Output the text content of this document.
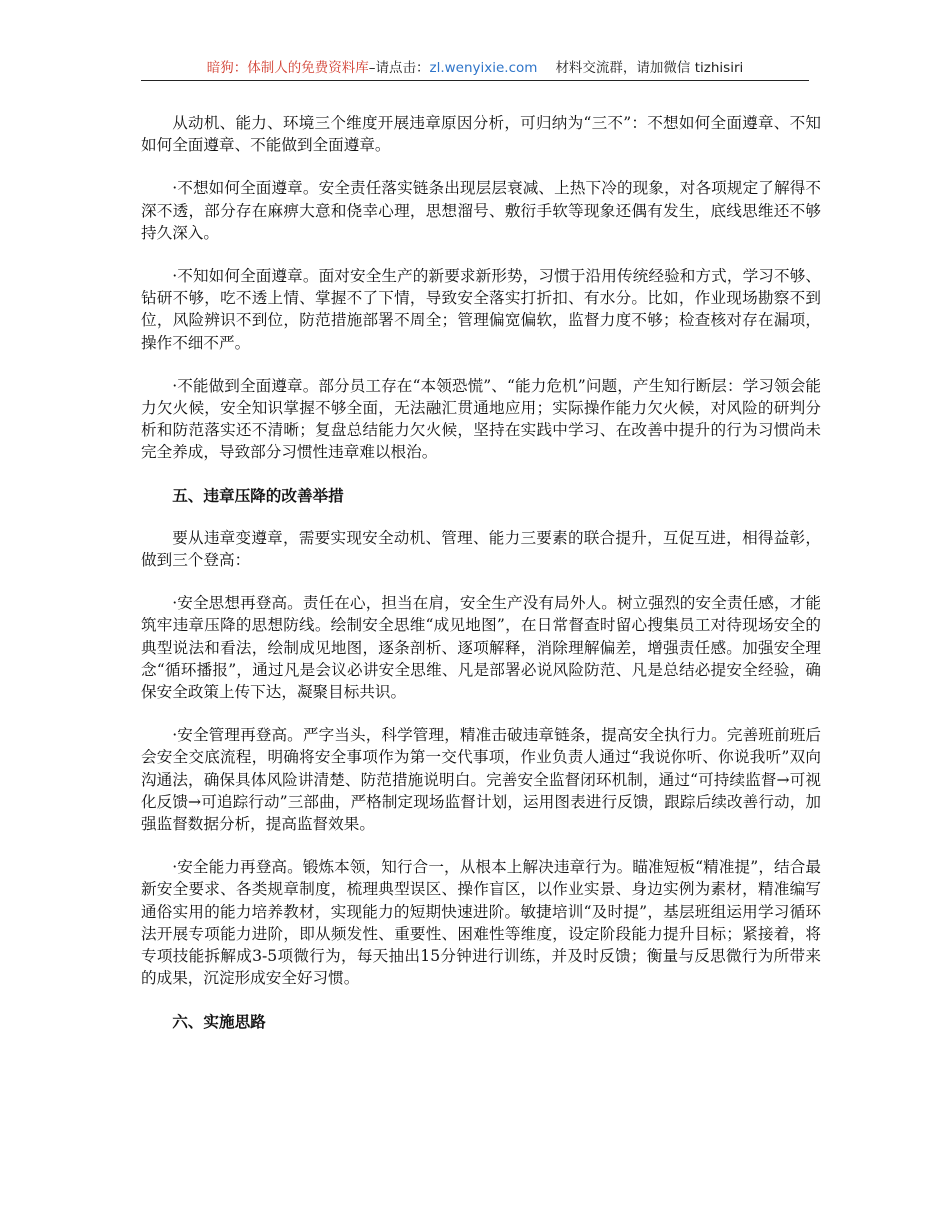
暗狗：体制人的免费资料库–请点击：zl.wenyixie.com 材料交流群，请加微信 tizhisiri

从动机、能力、环境三个维度开展违章原因分析，可归纳为“三不”：不想如何全面遵章、不知如何全面遵章、不能做到全面遵章。

·不想如何全面遵章。安全责任落实链条出现层层衰减、上热下冷的现象，对各项规定了解得不深不透，部分存在麻痹大意和侥幸心理，思想溜号、敷衍手软等现象还偶有发生，底线思维还不够持久深入。

·不知如何全面遵章。面对安全生产的新要求新形势，习惯于沿用传统经验和方式，学习不够、钻研不够，吃不透上情、掌握不了下情，导致安全落实打折扣、有水分。比如，作业现场勘察不到位，风险辨识不到位，防范措施部署不周全；管理偏宽偏软，监督力度不够；检查核对存在漏项，操作不细不严。

·不能做到全面遵章。部分员工存在“本领恐慌”、“能力危机”问题，产生知行断层：学习领会能力欠火候，安全知识掌握不够全面，无法融汇贯通地应用；实际操作能力欠火候，对风险的研判分析和防范落实还不清晰；复盘总结能力欠火候，坚持在实践中学习、在改善中提升的行为习惯尚未完全养成，导致部分习惯性违章难以根治。

五、违章压降的改善举措

要从违章变遵章，需要实现安全动机、管理、能力三要素的联合提升，互促互进，相得益彰，做到三个登高：

·安全思想再登高。责任在心，担当在肩，安全生产没有局外人。树立强烈的安全责任感，才能筑牢违章压降的思想防线。绘制安全思维“成见地图”，在日常督查时留心搜集员工对待现场安全的典型说法和看法，绘制成见地图，逐条剖析、逐项解释，消除理解偏差，增强责任感。加强安全理念“循环播报”，通过凡是会议必讲安全思维、凡是部署必说风险防范、凡是总结必提安全经验，确保安全政策上传下达，凝聚目标共识。

·安全管理再登高。严字当头，科学管理，精准击破违章链条，提高安全执行力。完善班前班后会安全交底流程，明确将安全事项作为第一交代事项，作业负责人通过“我说你听、你说我听”双向沟通法，确保具体风险讲清楚、防范措施说明白。完善安全监督闭环机制，通过“可持续监督→可视化反馈→可追踪行动”三部曲，严格制定现场监督计划，运用图表进行反馈，跟踪后续改善行动，加强监督数据分析，提高监督效果。

·安全能力再登高。锻炼本领，知行合一，从根本上解决违章行为。瞄准短板“精准提”，结合最新安全要求、各类规章制度，梳理典型误区、操作盲区，以作业实景、身边实例为素材，精准编写通俗实用的能力培养教材，实现能力的短期快速进阶。敏捷培训“及时提”，基层班组运用学习循环法开展专项能力进阶，即从频发性、重要性、困难性等维度，设定阶段能力提升目标；紧接着，将专项技能拆解成3-5项微行为，每天抽出15分钟进行训练，并及时反馈；衡量与反思微行为所带来的成果，沉淀形成安全好习惯。

六、实施思路
